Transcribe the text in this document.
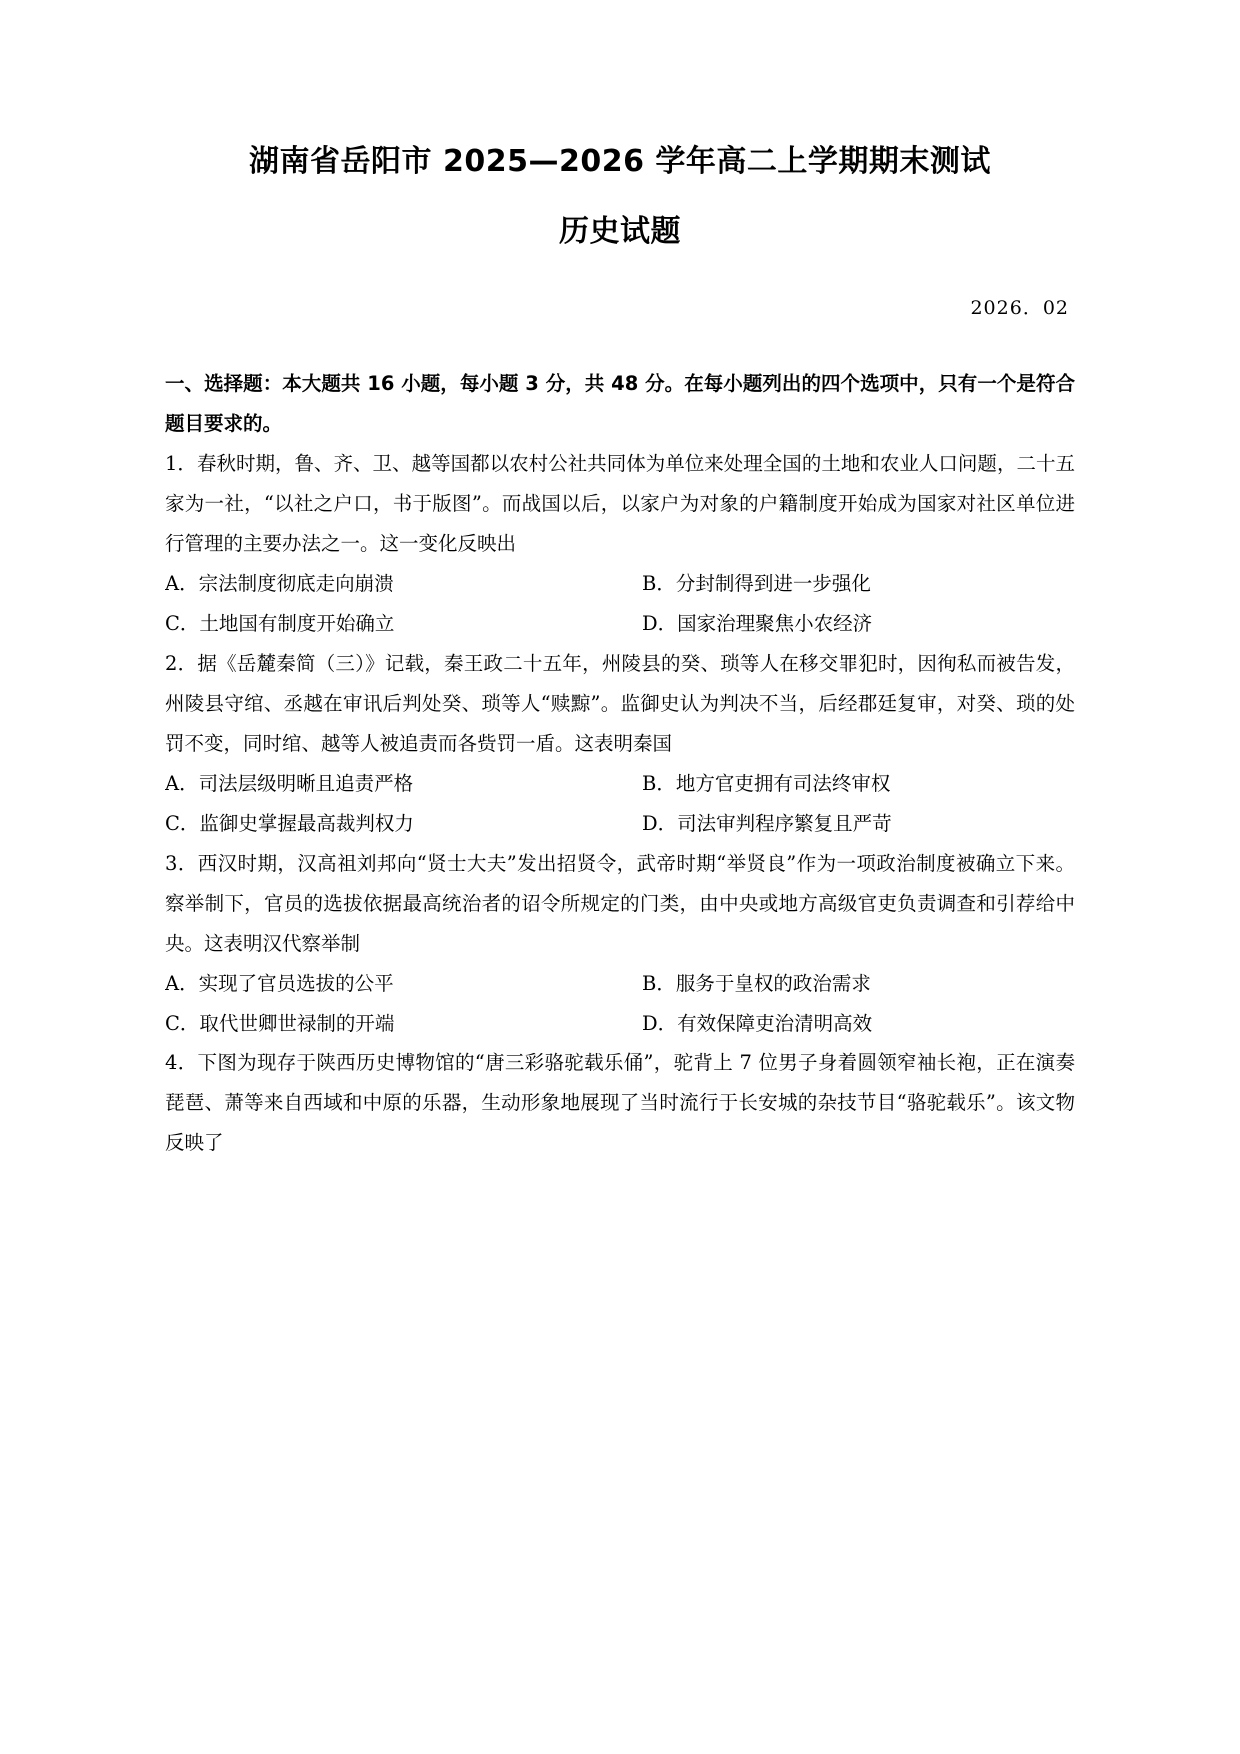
湖南省岳阳市 2025—2026 学年高二上学期期末测试
历史试题
2026．02
一、选择题：本大题共 16 小题，每小题 3 分，共 48 分。在每小题列出的四个选项中，只有一个是符合题目要求的。

1．春秋时期，鲁、齐、卫、越等国都以农村公社共同体为单位来处理全国的土地和农业人口问题，二十五家为一社，“以社之户口，书于版图”。而战国以后，以家户为对象的户籍制度开始成为国家对社区单位进行管理的主要办法之一。这一变化反映出

A．宗法制度彻底走向崩溃	B．分封制得到进一步强化
C．土地国有制度开始确立	D．国家治理聚焦小农经济

2．据《岳麓秦简（三）》记载，秦王政二十五年，州陵县的癸、琐等人在移交罪犯时，因徇私而被告发，州陵县守绾、丞越在审讯后判处癸、琐等人“赎黥”。监御史认为判决不当，后经郡廷复审，对癸、琐的处罚不变，同时绾、越等人被追责而各赀罚一盾。这表明秦国

A．司法层级明晰且追责严格	B．地方官吏拥有司法终审权
C．监御史掌握最高裁判权力	D．司法审判程序繁复且严苛

3．西汉时期，汉高祖刘邦向“贤士大夫”发出招贤令，武帝时期“举贤良”作为一项政治制度被确立下来。察举制下，官员的选拔依据最高统治者的诏令所规定的门类，由中央或地方高级官吏负责调查和引荐给中央。这表明汉代察举制

A．实现了官员选拔的公平	B．服务于皇权的政治需求
C．取代世卿世禄制的开端	D．有效保障吏治清明高效

4．下图为现存于陕西历史博物馆的“唐三彩骆驼载乐俑”，驼背上 7 位男子身着圆领窄袖长袍，正在演奏琵琶、萧等来自西域和中原的乐器，生动形象地展现了当时流行于长安城的杂技节目“骆驼载乐”。该文物反映了
